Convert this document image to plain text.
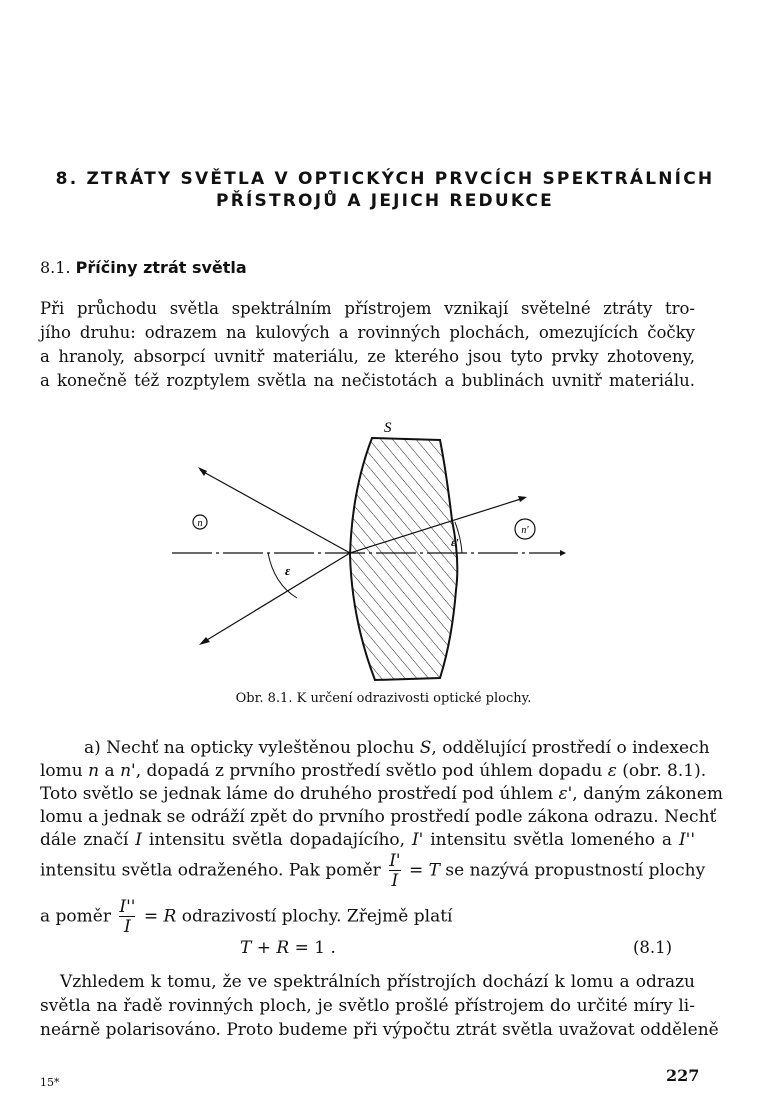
8. ZTRÁTY SVĚTLA V OPTICKÝCH PRVCÍCH SPEKTRÁLNÍCH
PŘÍSTROJŮ A JEJICH REDUKCE
8.1. Příčiny ztrát světla
Při průchodu světla spektrálním přístrojem vznikají světelné ztráty tro-
jího druhu: odrazem na kulových a rovinných plochách, omezujících čočky
a hranoly, absorpcí uvnitř materiálu, ze kterého jsou tyto prvky zhotoveny,
a konečně též rozptylem světla na nečistotách a bublinách uvnitř materiálu.
n
n'
S
ε
ε'
Obr. 8.1. K určení odrazivosti optické plochy.
a) Nechť na opticky vyleštěnou plochu S, oddělující prostředí o indexech
lomu n a n', dopadá z prvního prostředí světlo pod úhlem dopadu ε (obr. 8.1).
Toto světlo se jednak láme do druhého prostředí pod úhlem ε', daným zákonem
lomu a jednak se odráží zpět do prvního prostředí podle zákona odrazu. Nechť
dále značí I intensitu světla dopadajícího, I' intensitu světla lomeného a I''
intensitu světla odraženého. Pak poměr $\frac{I'}{I} = T$ se nazývá propustností plochy
a poměr $\frac{I''}{I} = R$ odrazivostí plochy. Zřejmě platí
T + R = 1 .	(8.1)
Vzhledem k tomu, že ve spektrálních přístrojích dochází k lomu a odrazu
světla na řadě rovinných ploch, je světlo prošlé přístrojem do určité míry li-
neárně polarisováno. Proto budeme při výpočtu ztrát světla uvažovat odděleně
15*	227
